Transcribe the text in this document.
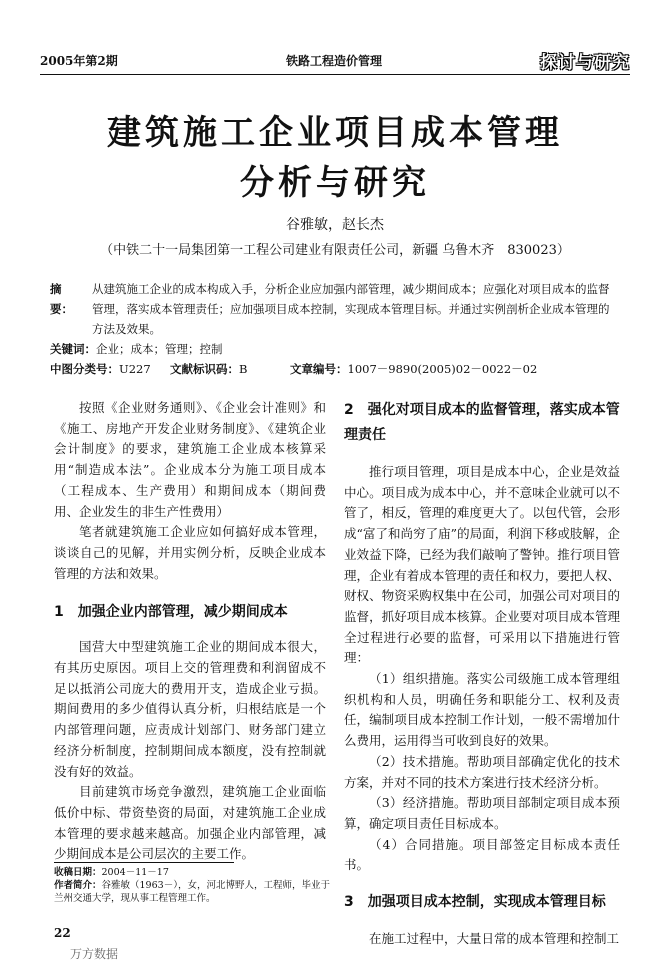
2005年第2期	铁路工程造价管理	探讨与研究
建筑施工企业项目成本管理
分析与研究
谷雅敏，赵长杰
（中铁二十一局集团第一工程公司建业有限责任公司，新疆 乌鲁木齐　830023）
摘　要：
从建筑施工企业的成本构成入手，分析企业应加强内部管理，减少期间成本；应强化对项目成本的监督管理，落实成本管理责任；应加强项目成本控制，实现成本管理目标。并通过实例剖析企业成本管理的方法及效果。
关键词：企业；成本；管理；控制
中图分类号：U227 文献标识码：B	文章编号：1007－9890(2005)02－0022－02

按照《企业财务通则》、《企业会计准则》和《施工、房地产开发企业财务制度》、《建筑企业会计制度》的要求，建筑施工企业成本核算采用“制造成本法”。企业成本分为施工项目成本（工程成本、生产费用）和期间成本（期间费用、企业发生的非生产性费用）

笔者就建筑施工企业应如何搞好成本管理，谈谈自己的见解，并用实例分析，反映企业成本管理的方法和效果。

1　加强企业内部管理，减少期间成本

国营大中型建筑施工企业的期间成本很大，有其历史原因。项目上交的管理费和利润留成不足以抵消公司庞大的费用开支，造成企业亏损。期间费用的多少值得认真分析，归根结底是一个内部管理问题，应责成计划部门、财务部门建立经济分析制度，控制期间成本额度，没有控制就没有好的效益。

目前建筑市场竞争激烈，建筑施工企业面临低价中标、带资垫资的局面，对建筑施工企业成本管理的要求越来越高。加强企业内部管理，减少期间成本是公司层次的主要工作。

2　强化对项目成本的监督管理，落实成本管理责任

推行项目管理，项目是成本中心，企业是效益中心。项目成为成本中心，并不意味企业就可以不管了，相反，管理的难度更大了。以包代管，会形成“富了和尚穷了庙”的局面，利润下移或肢解，企业效益下降，已经为我们敲响了警钟。推行项目管理，企业有着成本管理的责任和权力，要把人权、财权、物资采购权集中在公司，加强公司对项目的监督，抓好项目成本核算。企业要对项目成本管理全过程进行必要的监督，可采用以下措施进行管理：

（1）组织措施。落实公司级施工成本管理组织机构和人员，明确任务和职能分工、权利及责任，编制项目成本控制工作计划，一般不需增加什么费用，运用得当可收到良好的效果。

（2）技术措施。帮助项目部确定优化的技术方案，并对不同的技术方案进行技术经济分析。

（3）经济措施。帮助项目部制定项目成本预算，确定项目责任目标成本。

（4）合同措施。项目部签定目标成本责任书。

3　加强项目成本控制，实现成本管理目标

在施工过程中，大量日常的成本管理和控制工

收稿日期：2004－11－17
作者简介：谷雅敏（1963－），女，河北博野人，工程师，毕业于兰州交通大学，现从事工程管理工作。
22
万方数据
